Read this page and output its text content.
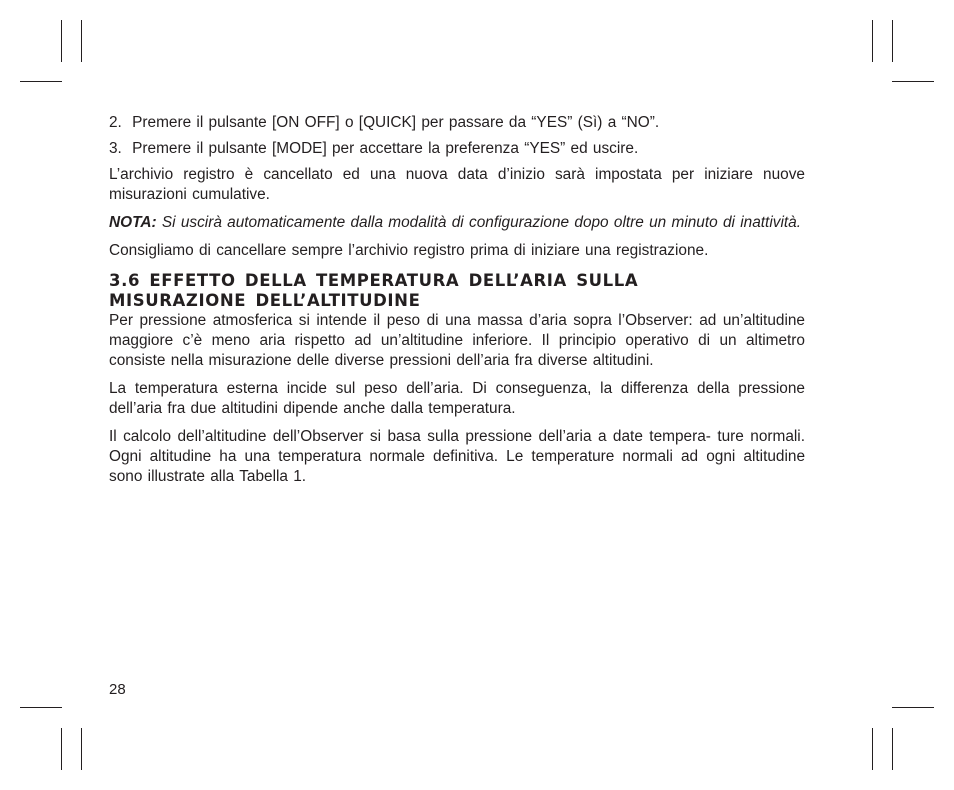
2. Premere il pulsante [ON OFF] o [QUICK] per passare da “YES” (Sì) a “NO”.

3. Premere il pulsante [MODE] per accettare la preferenza “YES” ed uscire.

L’archivio registro è cancellato ed una nuova data d’inizio sarà impostata per iniziare nuove misurazioni cumulative.

NOTA: Si uscirà automaticamente dalla modalità di configurazione dopo oltre un minuto di inattività.

Consigliamo di cancellare sempre l’archivio registro prima di iniziare una registrazione.

3.6 EFFETTO DELLA TEMPERATURA DELL’ARIA SULLA MISURAZIONE DELL’ALTITUDINE

Per pressione atmosferica si intende il peso di una massa d’aria sopra l’Observer: ad un’altitudine maggiore c’è meno aria rispetto ad un’altitudine inferiore. Il principio operativo di un altimetro consiste nella misurazione delle diverse pressioni dell’aria fra diverse altitudini.

La temperatura esterna incide sul peso dell’aria. Di conseguenza, la differenza della pressione dell’aria fra due altitudini dipende anche dalla temperatura.

Il calcolo dell’altitudine dell’Observer si basa sulla pressione dell’aria a date tempera- ture normali. Ogni altitudine ha una temperatura normale definitiva. Le temperature normali ad ogni altitudine sono illustrate alla Tabella 1.

28
